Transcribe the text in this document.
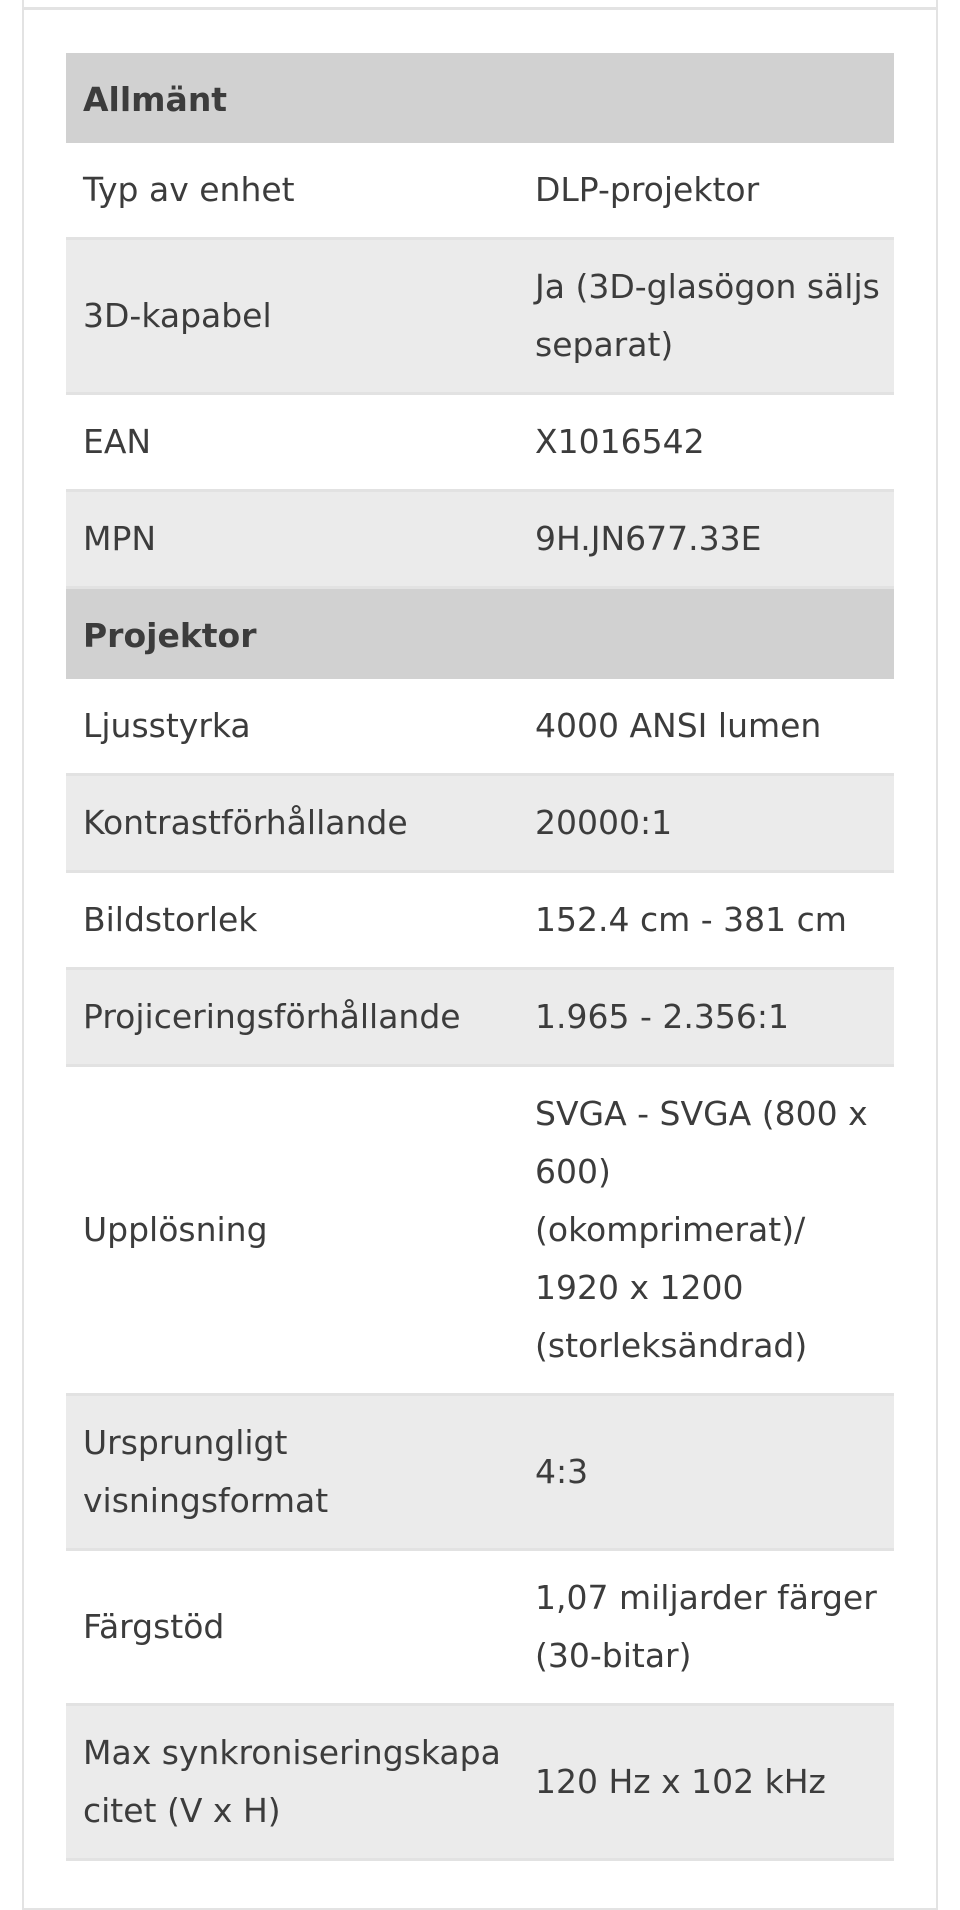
Allmänt	
Typ av enhet	DLP-projektor
3D-kapabel	Ja (3D-glasögon säljs separat)
EAN	X1016542
MPN	9H.JN677.33E
Projektor	
Ljusstyrka	4000 ANSI lumen
Kontrastförhållande	20000:1
Bildstorlek	152.4 cm - 381 cm
Projiceringsförhållande	1.965 - 2.356:1
Upplösning	SVGA - SVGA (800 x 600) (okomprimerat)/ 1920 x 1200 (storleksändrad)
Ursprungligt visningsformat	4:3
Färgstöd	1,07 miljarder färger (30-bitar)
Max synkroniseringskapacitet (V x H)	120 Hz x 102 kHz
